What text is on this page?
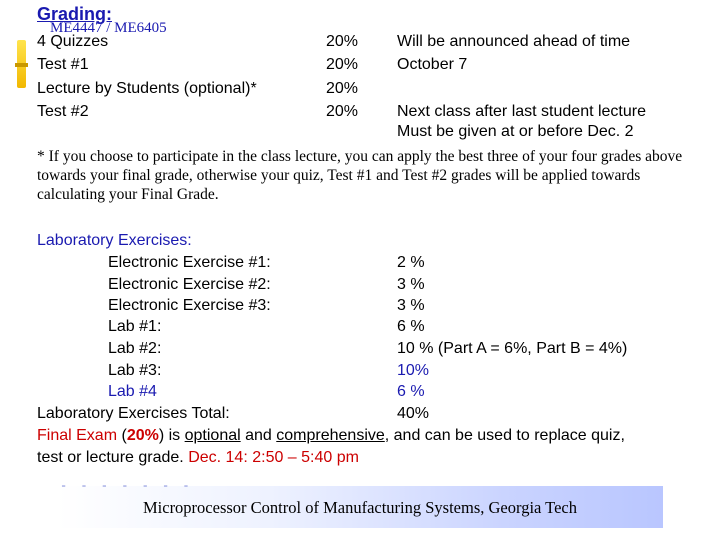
Grading:
ME4447 / ME6405
4 Quizzes	20% Will be announced ahead of time
Test #1	20% October 7
Lecture by Students (optional)*	20%
Test #2	20% Next class after last student lecture
Must be given at or before Dec. 2
* If you choose to participate in the class lecture, you can apply the best three of your four grades above towards your final grade, otherwise your quiz, Test #1 and Test #2 grades will be applied towards calculating your Final Grade.
Laboratory Exercises:
Electronic Exercise #1:	2 %
Electronic Exercise #2:	3 %
Electronic Exercise #3:	3 %
Lab #1:	6 %
Lab #2:	10 % (Part A = 6%, Part B = 4%)
Lab #3:	10%
Lab #4	6 %
Laboratory Exercises Total:	40%
Final Exam (20%) is optional and comprehensive, and can be used to replace quiz,
test or lecture grade. Dec. 14: 2:50 – 5:40 pm
- - - - - - -
Microprocessor Control of Manufacturing Systems, Georgia Tech
